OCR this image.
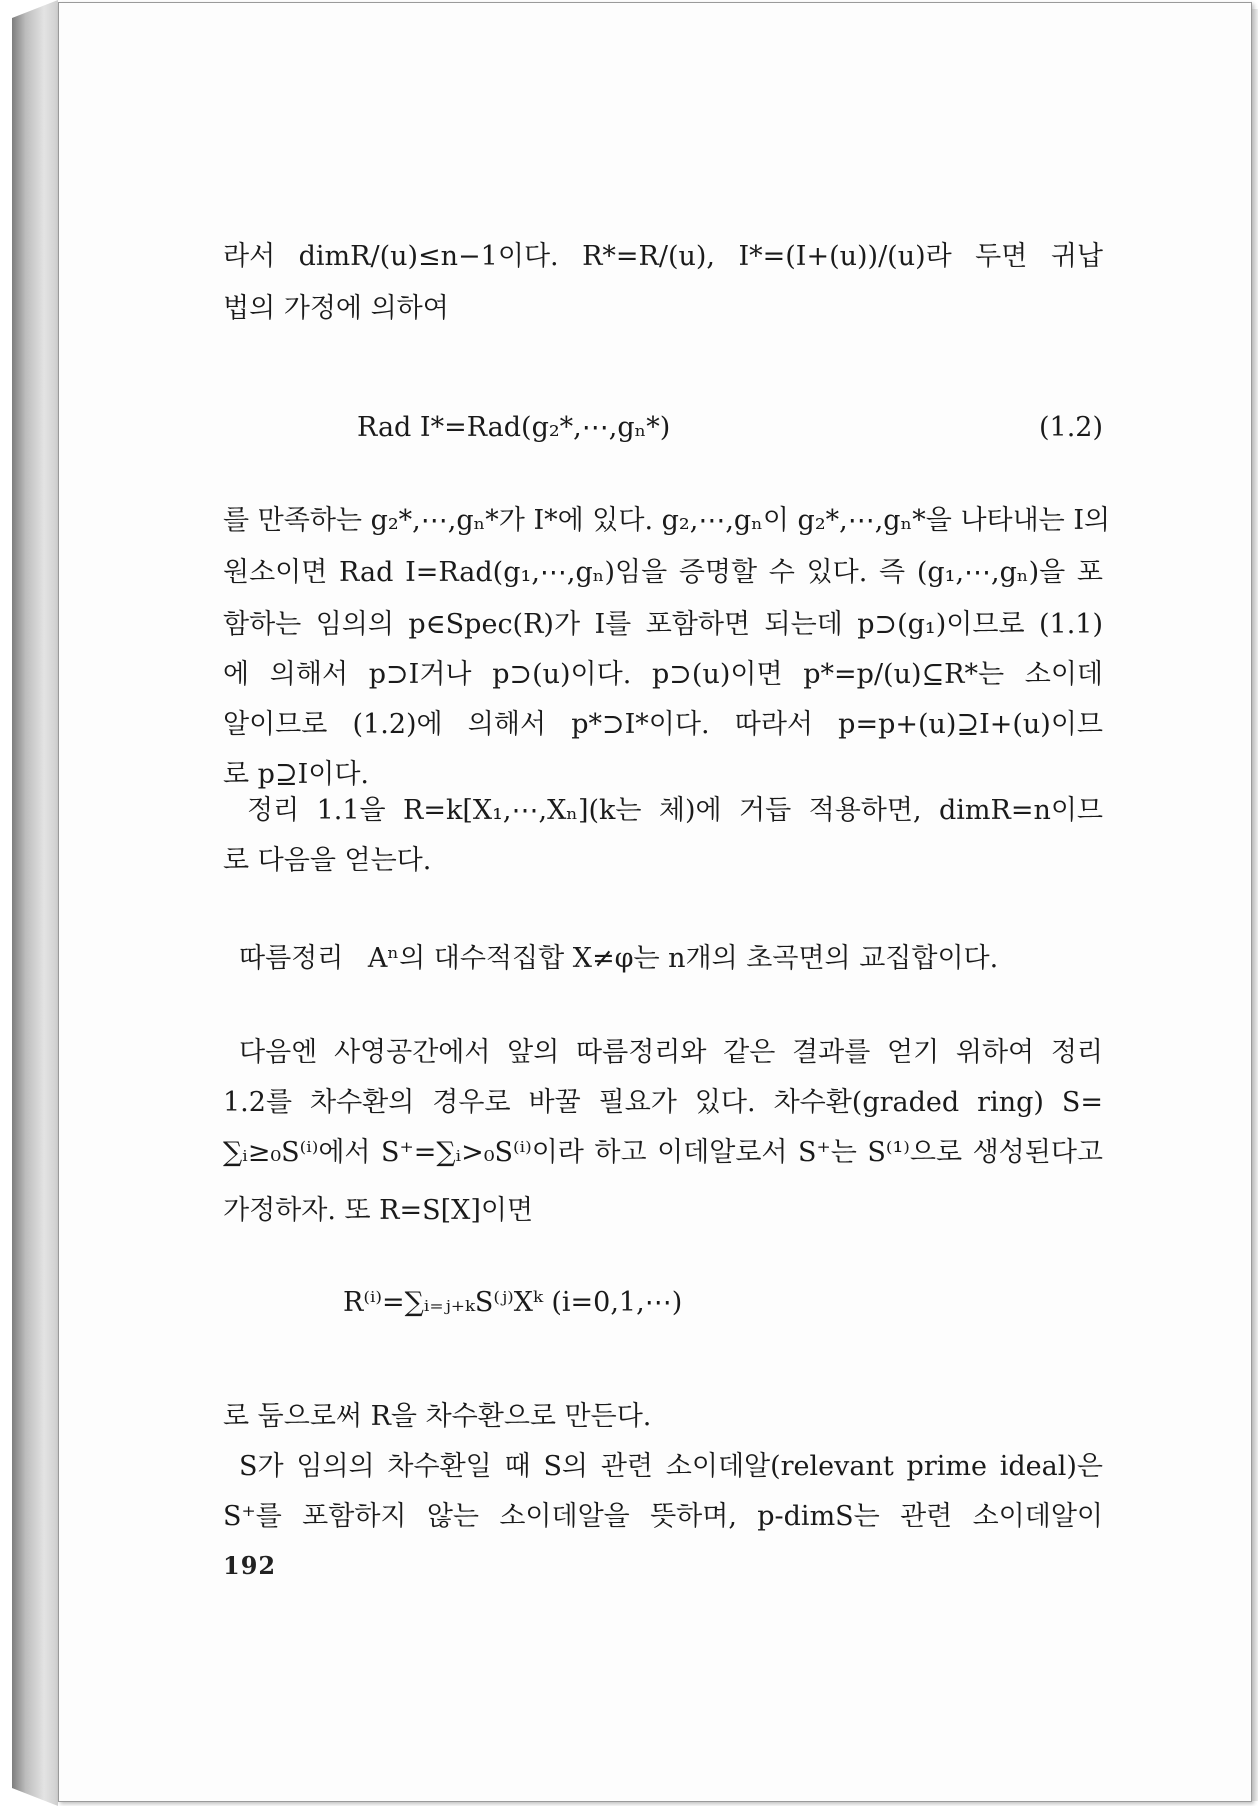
라서 dimR/(u)≤n−1이다. R*=R/(u), I*=(I+(u))/(u)라 두면 귀납
법의 가정에 의하여
Rad I*=Rad(g₂*,⋯,gₙ*)	(1.2)
를 만족하는 g₂*,⋯,gₙ*가 I*에 있다. g₂,⋯,gₙ이 g₂*,⋯,gₙ*을 나타내는 I의
원소이면 Rad I=Rad(g₁,⋯,gₙ)임을 증명할 수 있다. 즉 (g₁,⋯,gₙ)을 포
함하는 임의의 p∈Spec(R)가 I를 포함하면 되는데 p⊃(g₁)이므로 (1.1)
에 의해서 p⊃I거나 p⊃(u)이다. p⊃(u)이면 p*=p/(u)⊆R*는 소이데
알이므로 (1.2)에 의해서 p*⊃I*이다. 따라서 p=p+(u)⊇I+(u)이므
로 p⊇I이다.
정리 1.1을 R=k[X₁,⋯,Xₙ](k는 체)에 거듭 적용하면, dimR=n이므
로 다음을 얻는다.
따름정리 Aⁿ의 대수적집합 X≠φ는 n개의 초곡면의 교집합이다.
다음엔 사영공간에서 앞의 따름정리와 같은 결과를 얻기 위하여 정리
1.2를 차수환의 경우로 바꿀 필요가 있다. 차수환(graded ring) S=
∑ᵢ≥₀S⁽ⁱ⁾에서 S⁺=∑ᵢ>₀S⁽ⁱ⁾이라 하고 이데알로서 S⁺는 S⁽¹⁾으로 생성된다고
가정하자. 또 R=S[X]이면
R⁽ⁱ⁾=∑ᵢ₌ⱼ₊ₖS⁽ʲ⁾Xᵏ (i=0,1,⋯)
로 둠으로써 R을 차수환으로 만든다.
S가 임의의 차수환일 때 S의 관련 소이데알(relevant prime ideal)은
S⁺를 포함하지 않는 소이데알을 뜻하며, p-dimS는 관련 소이데알이
192
